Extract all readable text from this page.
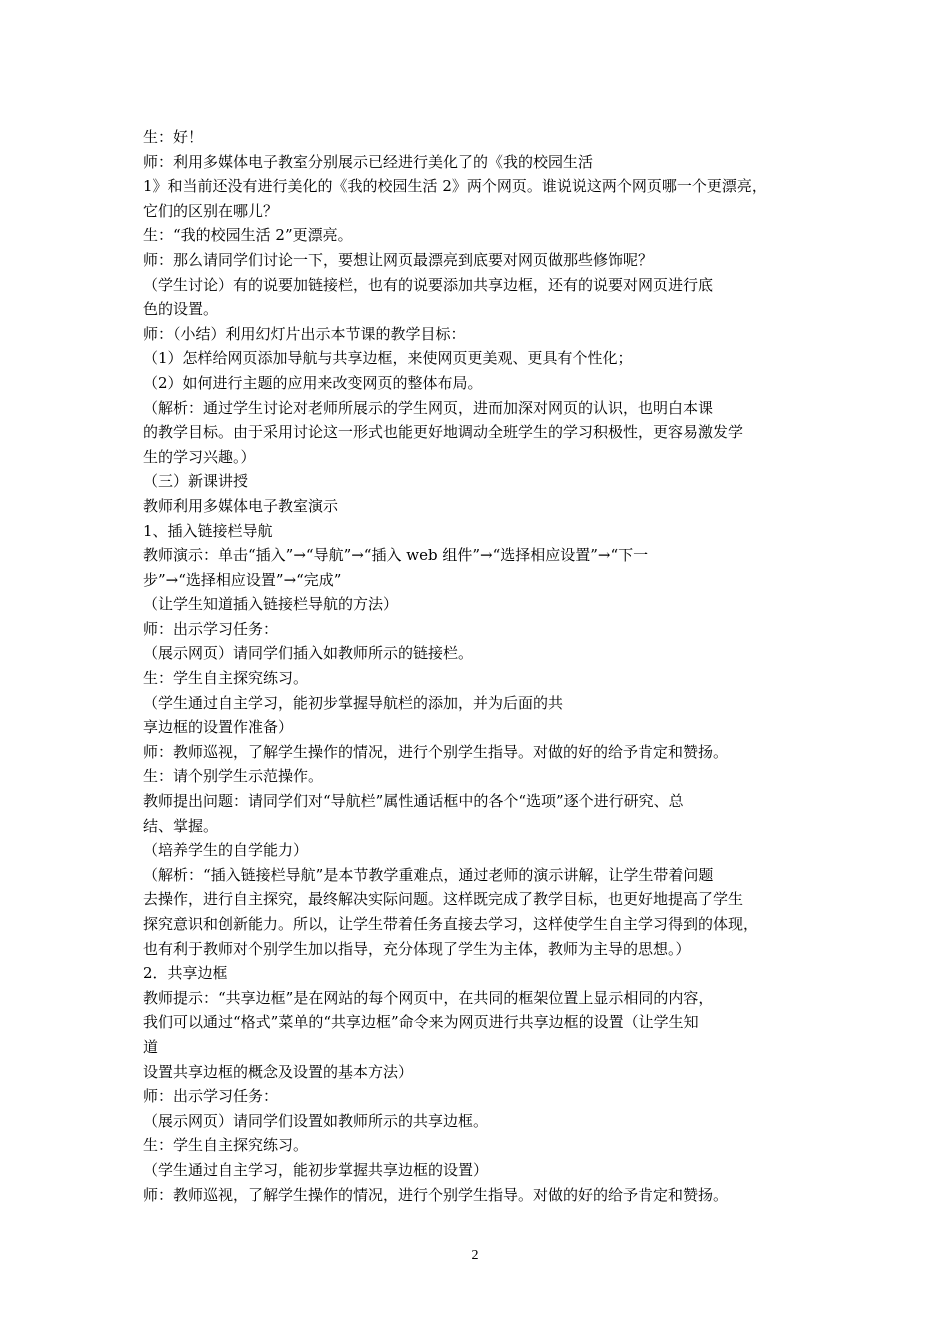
生：好！
师：利用多媒体电子教室分别展示已经进行美化了的《我的校园生活
1》和当前还没有进行美化的《我的校园生活 2》两个网页。谁说说这两个网页哪一个更漂亮，
它们的区别在哪儿？
生：“我的校园生活 2”更漂亮。
师：那么请同学们讨论一下，要想让网页最漂亮到底要对网页做那些修饰呢？
（学生讨论）有的说要加链接栏，也有的说要添加共享边框，还有的说要对网页进行底
色的设置。
师：（小结）利用幻灯片出示本节课的教学目标：
（1）怎样给网页添加导航与共享边框，来使网页更美观、更具有个性化；
（2）如何进行主题的应用来改变网页的整体布局。
（解析：通过学生讨论对老师所展示的学生网页，进而加深对网页的认识，也明白本课
的教学目标。由于采用讨论这一形式也能更好地调动全班学生的学习积极性，更容易激发学
生的学习兴趣。）
（三）新课讲授
教师利用多媒体电子教室演示
1、插入链接栏导航
教师演示：单击“插入”→“导航”→“插入 web 组件”→“选择相应设置”→“下一
步”→“选择相应设置”→“完成”
（让学生知道插入链接栏导航的方法）
师：出示学习任务：
（展示网页）请同学们插入如教师所示的链接栏。
生：学生自主探究练习。
（学生通过自主学习，能初步掌握导航栏的添加，并为后面的共
享边框的设置作准备）
师：教师巡视，了解学生操作的情况，进行个别学生指导。对做的好的给予肯定和赞扬。
生：请个别学生示范操作。
教师提出问题：请同学们对“导航栏”属性通话框中的各个“选项”逐个进行研究、总
结、掌握。
（培养学生的自学能力）
（解析：“插入链接栏导航”是本节教学重难点，通过老师的演示讲解，让学生带着问题
去操作，进行自主探究，最终解决实际问题。这样既完成了教学目标，也更好地提高了学生
探究意识和创新能力。所以，让学生带着任务直接去学习，这样使学生自主学习得到的体现，
也有利于教师对个别学生加以指导，充分体现了学生为主体，教师为主导的思想。）
2．共享边框
教师提示：“共享边框”是在网站的每个网页中，在共同的框架位置上显示相同的内容，
我们可以通过“格式”菜单的“共享边框”命令来为网页进行共享边框的设置（让学生知
道
设置共享边框的概念及设置的基本方法）
师：出示学习任务：
（展示网页）请同学们设置如教师所示的共享边框。
生：学生自主探究练习。
（学生通过自主学习，能初步掌握共享边框的设置）
师：教师巡视，了解学生操作的情况，进行个别学生指导。对做的好的给予肯定和赞扬。
2
